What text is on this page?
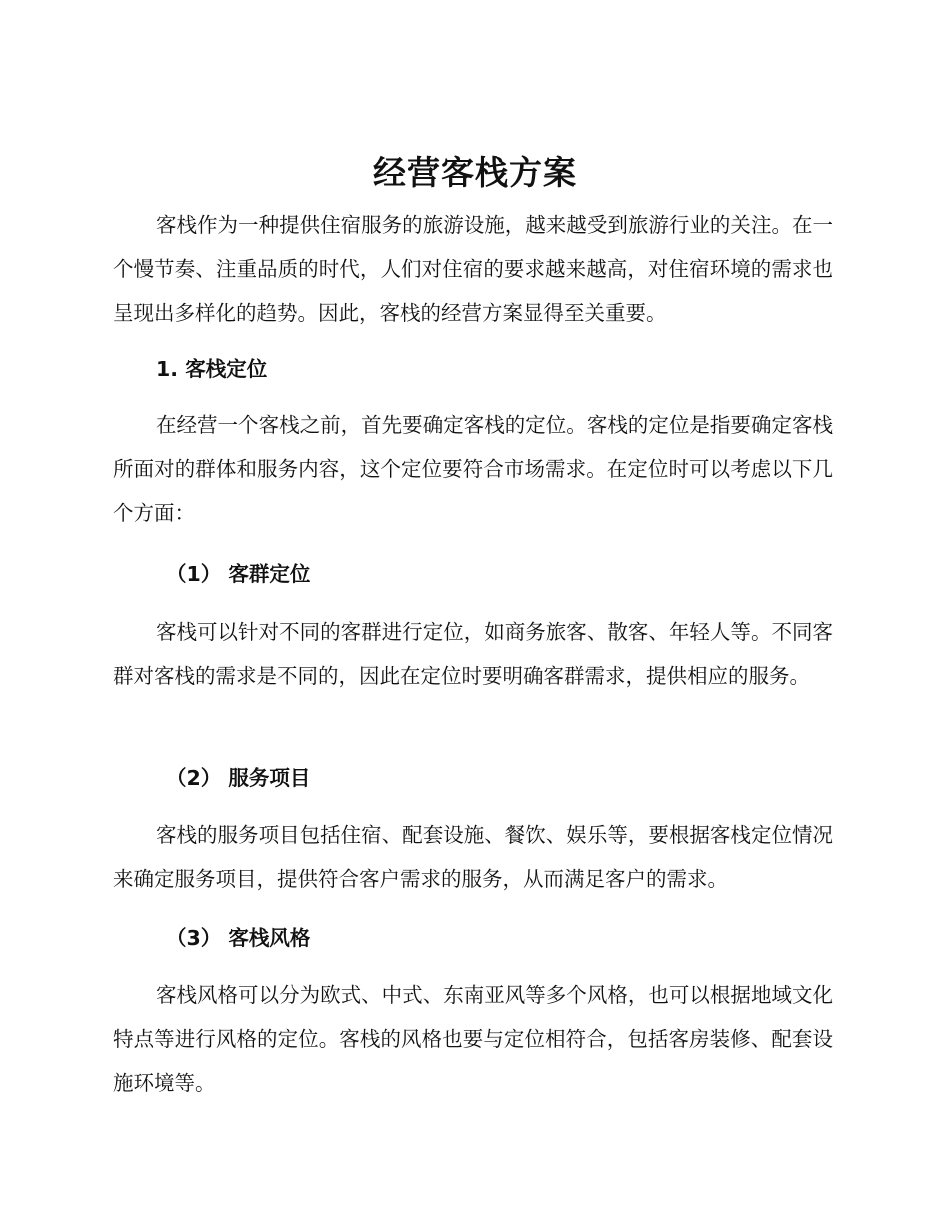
经营客栈方案

客栈作为一种提供住宿服务的旅游设施，越来越受到旅游行业的关注。在一个慢节奏、注重品质的时代，人们对住宿的要求越来越高，对住宿环境的需求也呈现出多样化的趋势。因此，客栈的经营方案显得至关重要。

1. 客栈定位

在经营一个客栈之前，首先要确定客栈的定位。客栈的定位是指要确定客栈所面对的群体和服务内容，这个定位要符合市场需求。在定位时可以考虑以下几个方面：

（1） 客群定位

客栈可以针对不同的客群进行定位，如商务旅客、散客、年轻人等。不同客群对客栈的需求是不同的，因此在定位时要明确客群需求，提供相应的服务。

（2） 服务项目

客栈的服务项目包括住宿、配套设施、餐饮、娱乐等，要根据客栈定位情况来确定服务项目，提供符合客户需求的服务，从而满足客户的需求。

（3） 客栈风格

客栈风格可以分为欧式、中式、东南亚风等多个风格，也可以根据地域文化特点等进行风格的定位。客栈的风格也要与定位相符合，包括客房装修、配套设施环境等。
